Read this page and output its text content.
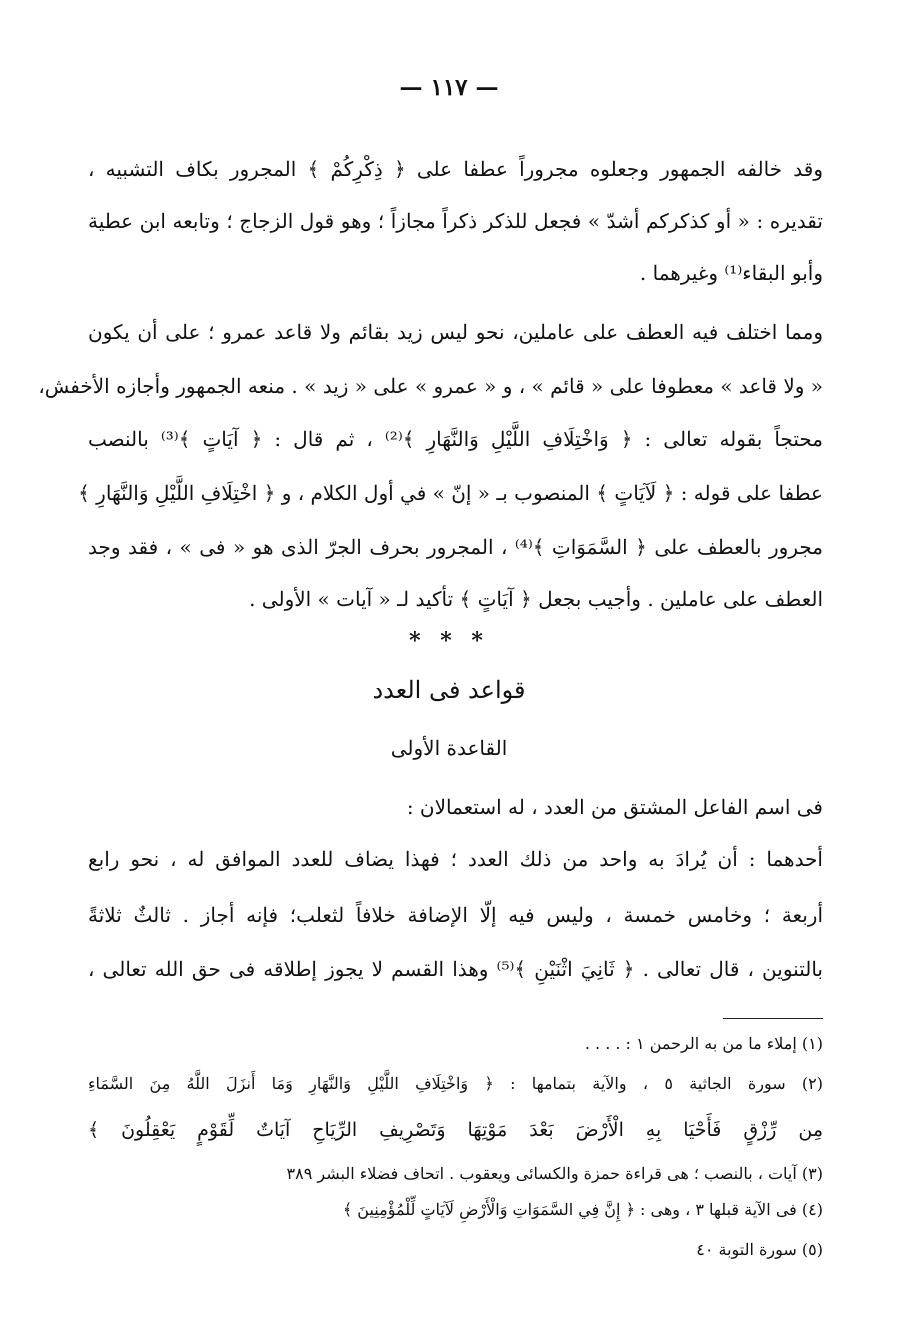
— ١١٧ —
وقد خالفه الجمهور وجعلوه مجروراً عطفا على ﴿ ذِكْرِكُمْ ﴾ المجرور بكاف التشبيه ،
تقديره : « أو كذكركم أشدّ » فجعل للذكر ذكراً مجازاً ؛ وهو قول الزجاج ؛ وتابعه ابن عطية
وأبو البقاء⁽¹⁾ وغيرهما .
ومما اختلف فيه العطف على عاملين، نحو ليس زيد بقائم ولا قاعد عمرو ؛ على أن يكون
« ولا قاعد » معطوفا على « قائم » ، و « عمرو » على « زيد » . منعه الجمهور وأجازه الأخفش،
محتجاً بقوله تعالى : ﴿ وَاخْتِلَافِ اللَّيْلِ وَالنَّهَارِ ﴾⁽²⁾ ، ثم قال : ﴿ آيَاتٍ ﴾⁽³⁾ بالنصب
عطفا على قوله : ﴿ لَآيَاتٍ ﴾ المنصوب بـ « إنّ » في أول الكلام ، و ﴿ اخْتِلَافِ اللَّيْلِ وَالنَّهَارِ ﴾
مجرور بالعطف على ﴿ السَّمَوَاتِ ﴾⁽⁴⁾ ، المجرور بحرف الجرّ الذى هو « فى » ، فقد وجد
العطف على عاملين . وأجيب بجعل ﴿ آيَاتٍ ﴾ تأكيد لـ « آيات » الأولى .
* * *
قواعد فى العدد
القاعدة الأولى
فى اسم الفاعل المشتق من العدد ، له استعمالان :
أحدهما : أن يُرادَ به واحد من ذلك العدد ؛ فهذا يضاف للعدد الموافق له ، نحو رابع
أربعة ؛ وخامس خمسة ، وليس فيه إلّا الإضافة خلافاً لثعلب؛ فإنه أجاز . ثالثٌ ثلاثةً
بالتنوين ، قال تعالى . ﴿ ثَانِيَ اثْنَيْنِ ﴾⁽⁵⁾ وهذا القسم لا يجوز إطلاقه فى حق الله تعالى ،
(١) إملاء ما من به الرحمن ١ : . . . .
(٢) سورة الجاثية ٥ ، والآية بتمامها : ﴿ وَاخْتِلَافِ اللَّيْلِ وَالنَّهَارِ وَمَا أَنزَلَ اللَّهُ مِنَ السَّمَاءِ
مِن رِّزْقٍ فَأَحْيَا بِهِ الْأَرْضَ بَعْدَ مَوْتِهَا وَتَصْرِيفِ الرِّيَاحِ آيَاتٌ لِّقَوْمٍ يَعْقِلُونَ ﴾
(٣) آيات ، بالنصب ؛ هى قراءة حمزة والكسائى ويعقوب . اتحاف فضلاء البشر ٣٨٩
(٤) فى الآية قبلها ٣ ، وهى : ﴿ إِنَّ فِي السَّمَوَاتِ وَالْأَرْضِ لَآيَاتٍ لِّلْمُؤْمِنِينَ ﴾
(٥) سورة التوبة ٤٠
